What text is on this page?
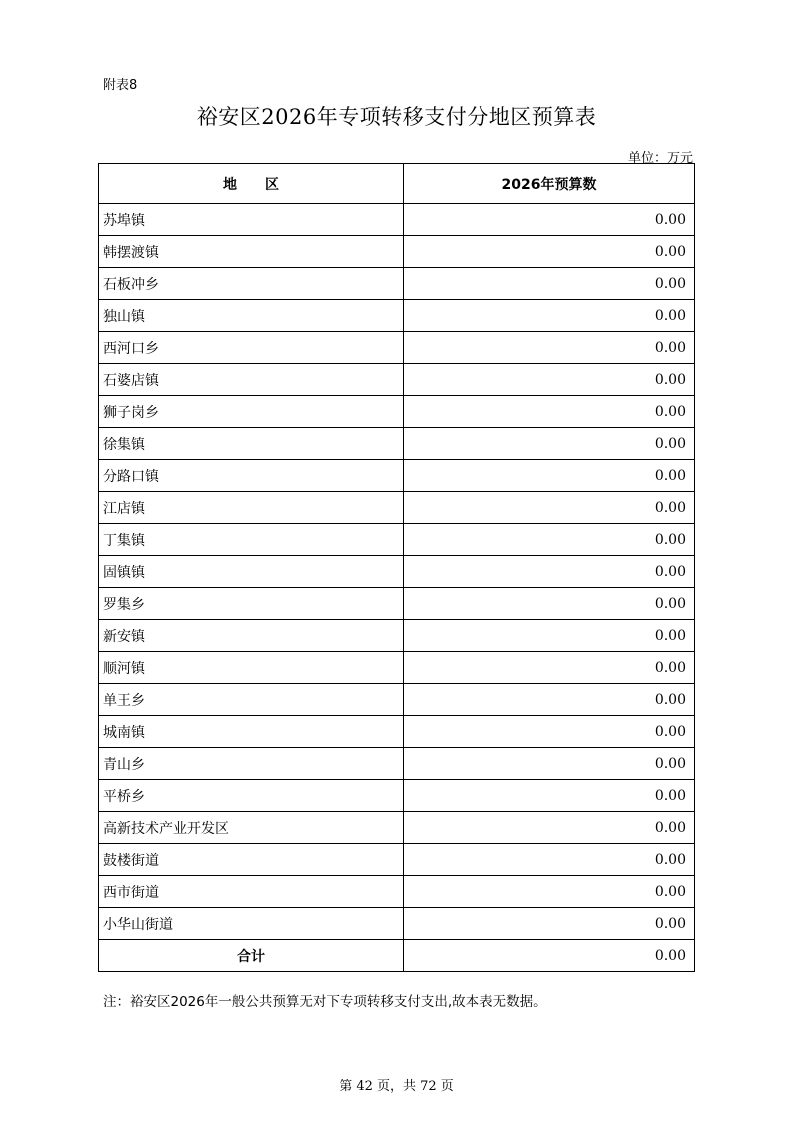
附表8
裕安区2026年专项转移支付分地区预算表
单位：万元
地　　区	2026年预算数
苏埠镇	0.00
韩摆渡镇	0.00
石板冲乡	0.00
独山镇	0.00
西河口乡	0.00
石婆店镇	0.00
狮子岗乡	0.00
徐集镇	0.00
分路口镇	0.00
江店镇	0.00
丁集镇	0.00
固镇镇	0.00
罗集乡	0.00
新安镇	0.00
顺河镇	0.00
单王乡	0.00
城南镇	0.00
青山乡	0.00
平桥乡	0.00
高新技术产业开发区	0.00
鼓楼街道	0.00
西市街道	0.00
小华山街道	0.00
合计	0.00
注：裕安区2026年一般公共预算无对下专项转移支付支出,故本表无数据。
第 42 页，共 72 页
